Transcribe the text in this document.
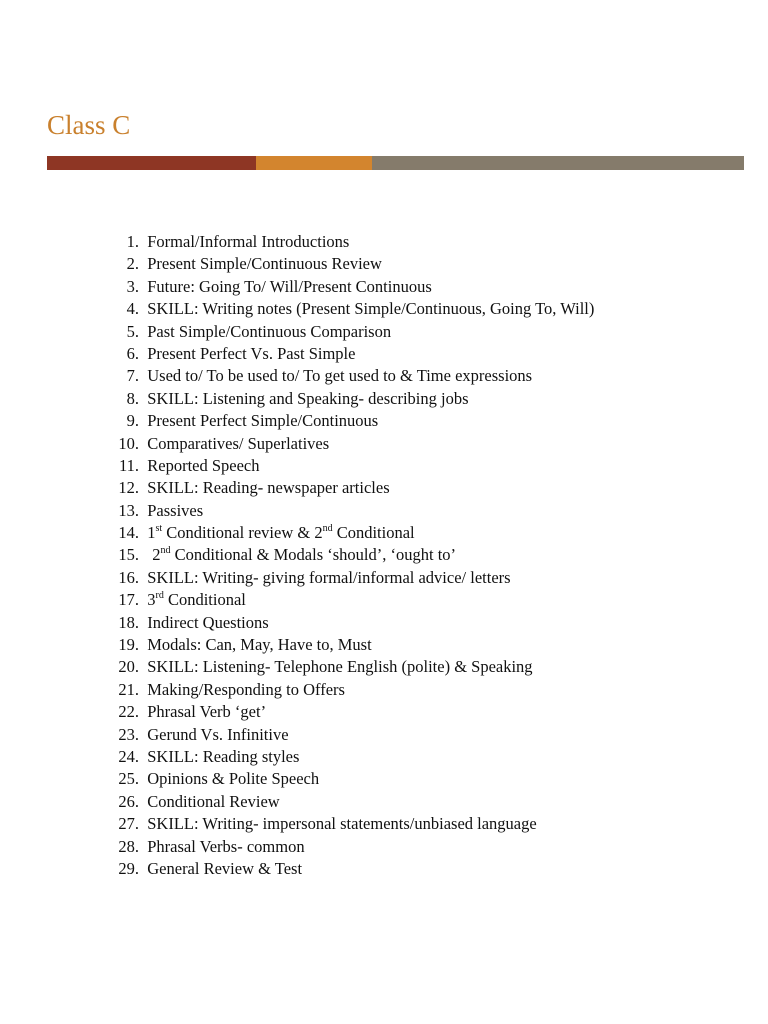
Class C
1. Formal/Informal Introductions
2. Present Simple/Continuous Review
3. Future: Going To/ Will/Present Continuous
4. SKILL: Writing notes (Present Simple/Continuous, Going To, Will)
5. Past Simple/Continuous Comparison
6. Present Perfect Vs. Past Simple
7. Used to/ To be used to/ To get used to & Time expressions
8. SKILL: Listening and Speaking- describing jobs
9. Present Perfect Simple/Continuous
10. Comparatives/ Superlatives
11. Reported Speech
12. SKILL: Reading- newspaper articles
13. Passives
14. 1st Conditional review & 2nd Conditional
15. 2nd Conditional & Modals ‘should’, ‘ought to’
16. SKILL: Writing- giving formal/informal advice/ letters
17. 3rd Conditional
18. Indirect Questions
19. Modals: Can, May, Have to, Must
20. SKILL: Listening- Telephone English (polite) & Speaking
21. Making/Responding to Offers
22. Phrasal Verb ‘get’
23. Gerund Vs. Infinitive
24. SKILL: Reading styles
25. Opinions & Polite Speech
26. Conditional Review
27. SKILL: Writing- impersonal statements/unbiased language
28. Phrasal Verbs- common
29. General Review & Test
